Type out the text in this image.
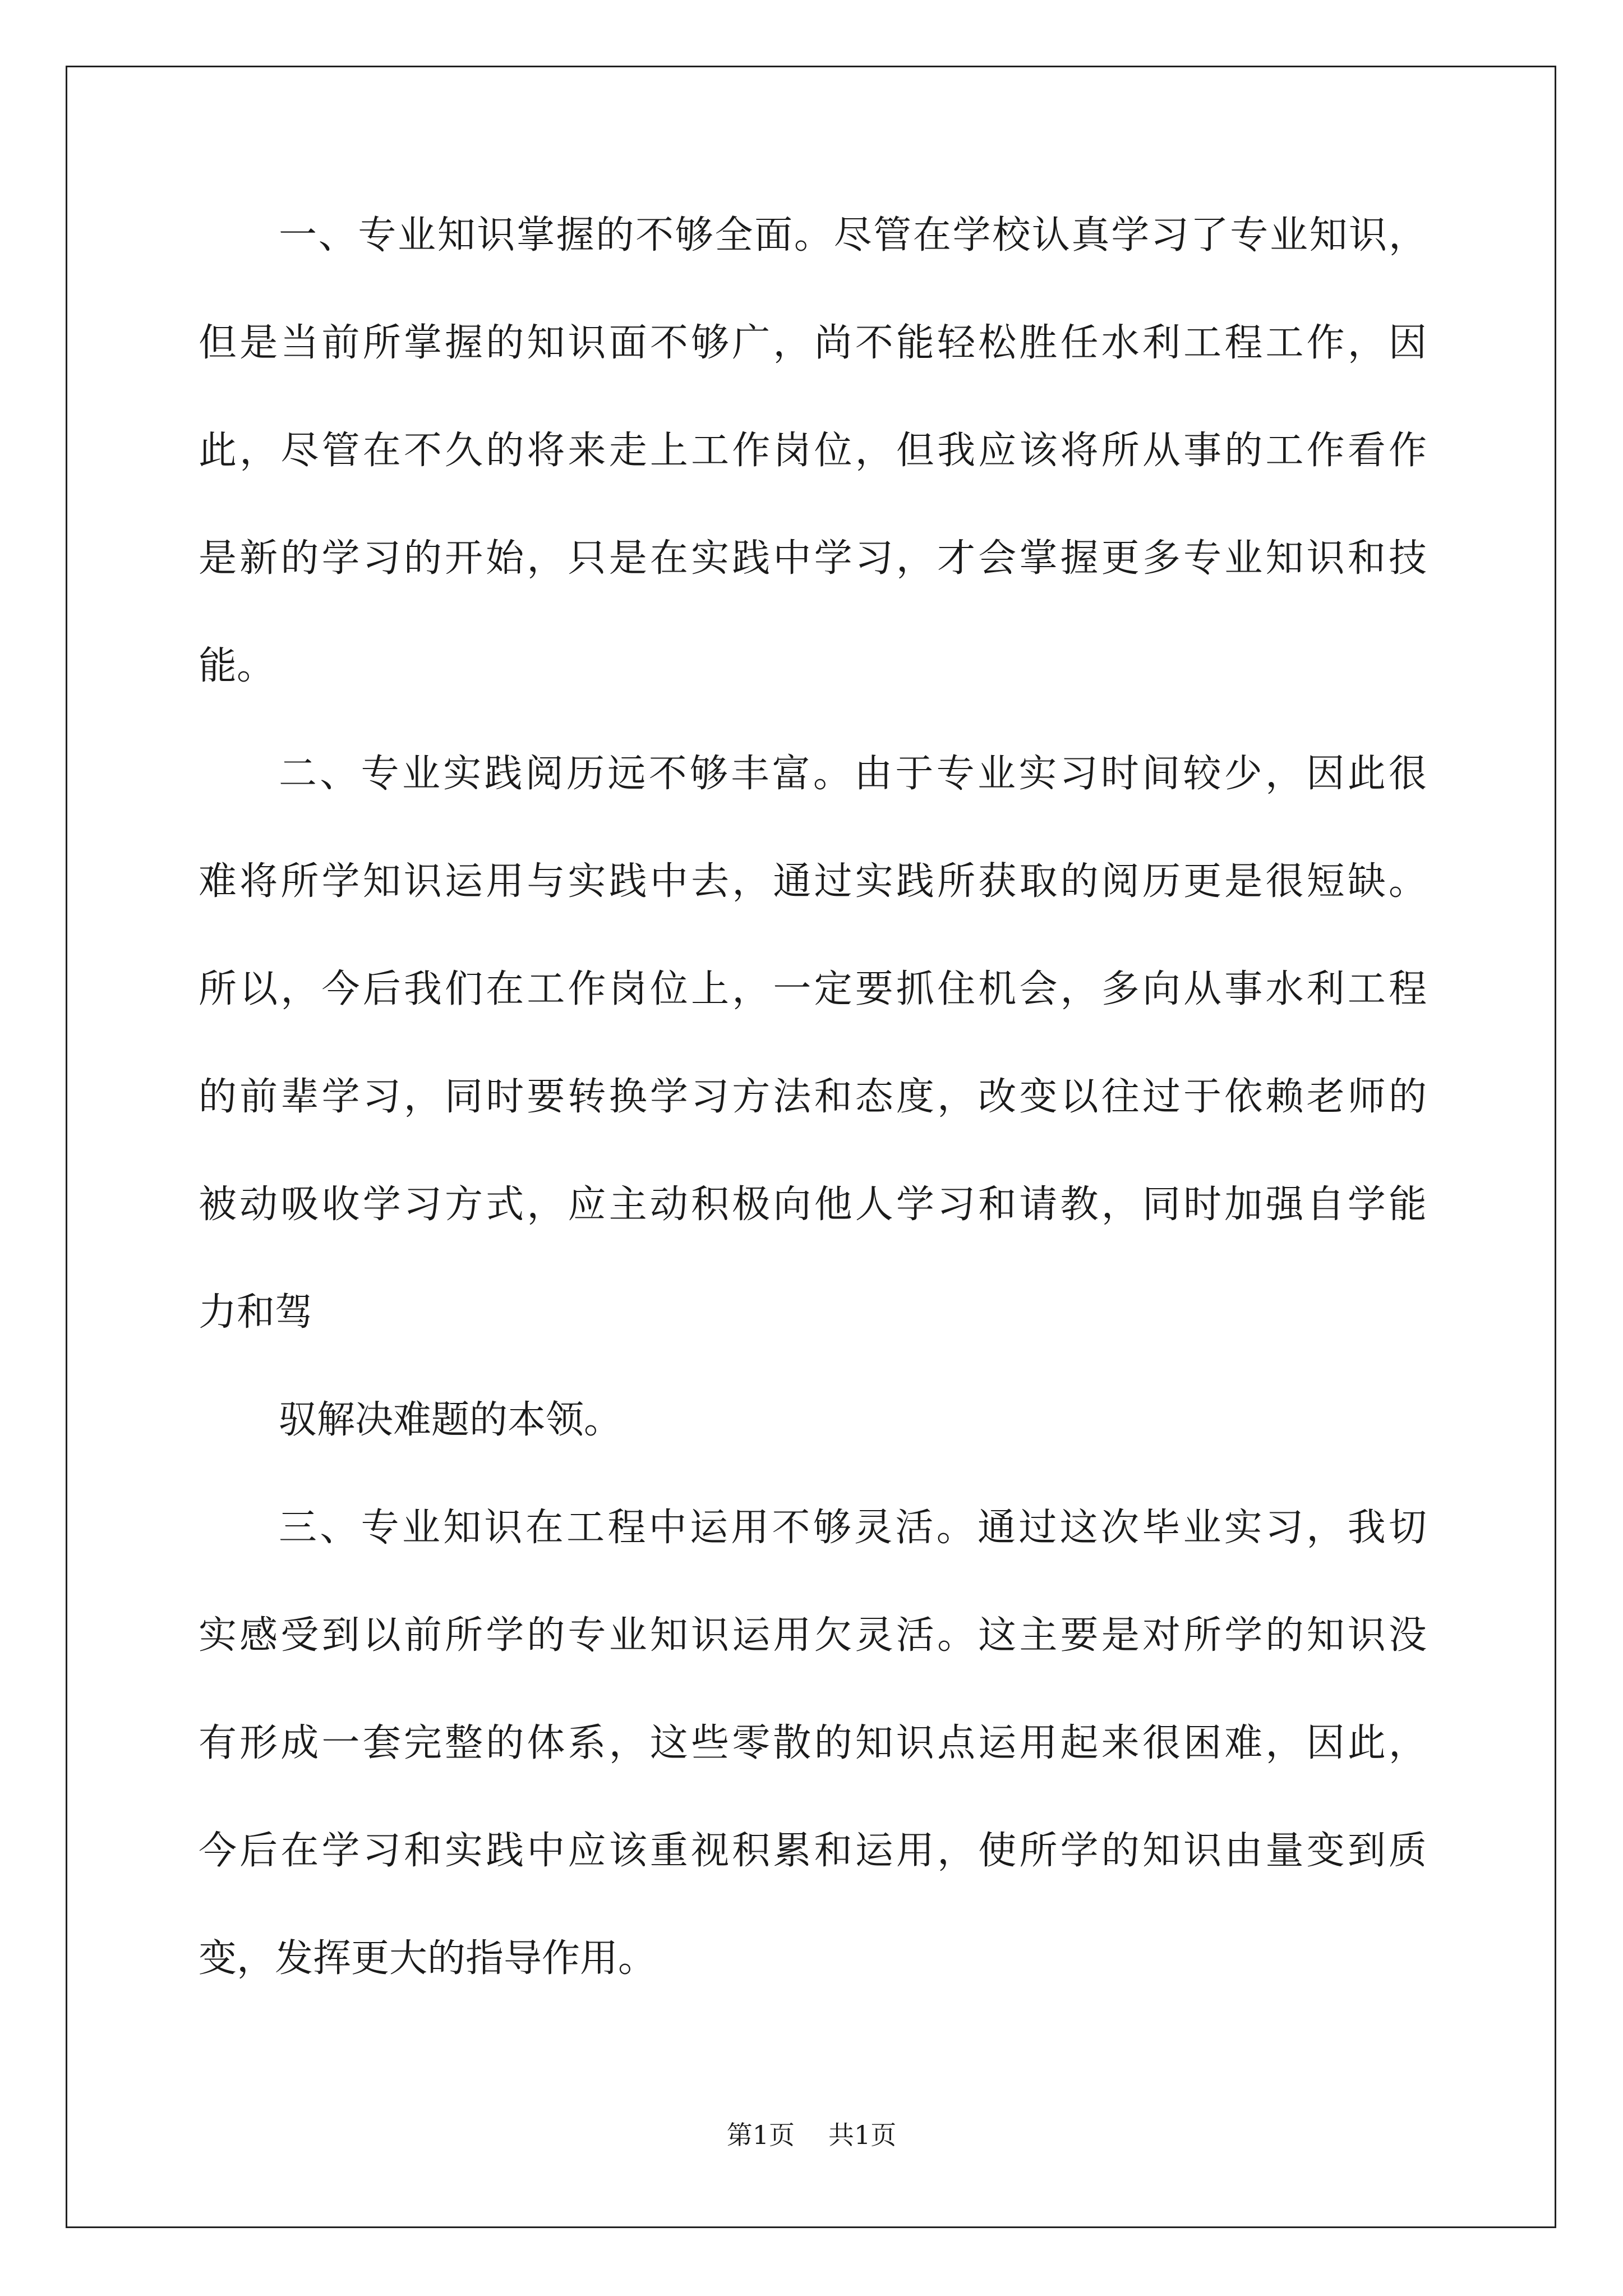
一、专业知识掌握的不够全面。尽管在学校认真学习了专业知识，
但是当前所掌握的知识面不够广，尚不能轻松胜任水利工程工作，因
此，尽管在不久的将来走上工作岗位，但我应该将所从事的工作看作
是新的学习的开始，只是在实践中学习，才会掌握更多专业知识和技
能。
二、专业实践阅历远不够丰富。由于专业实习时间较少，因此很
难将所学知识运用与实践中去，通过实践所获取的阅历更是很短缺。
所以，今后我们在工作岗位上，一定要抓住机会，多向从事水利工程
的前辈学习，同时要转换学习方法和态度，改变以往过于依赖老师的
被动吸收学习方式，应主动积极向他人学习和请教，同时加强自学能
力和驾
驭解决难题的本领。
三、专业知识在工程中运用不够灵活。通过这次毕业实习，我切
实感受到以前所学的专业知识运用欠灵活。这主要是对所学的知识没
有形成一套完整的体系，这些零散的知识点运用起来很困难，因此，
今后在学习和实践中应该重视积累和运用，使所学的知识由量变到质
变，发挥更大的指导作用。
第1页 共1页
